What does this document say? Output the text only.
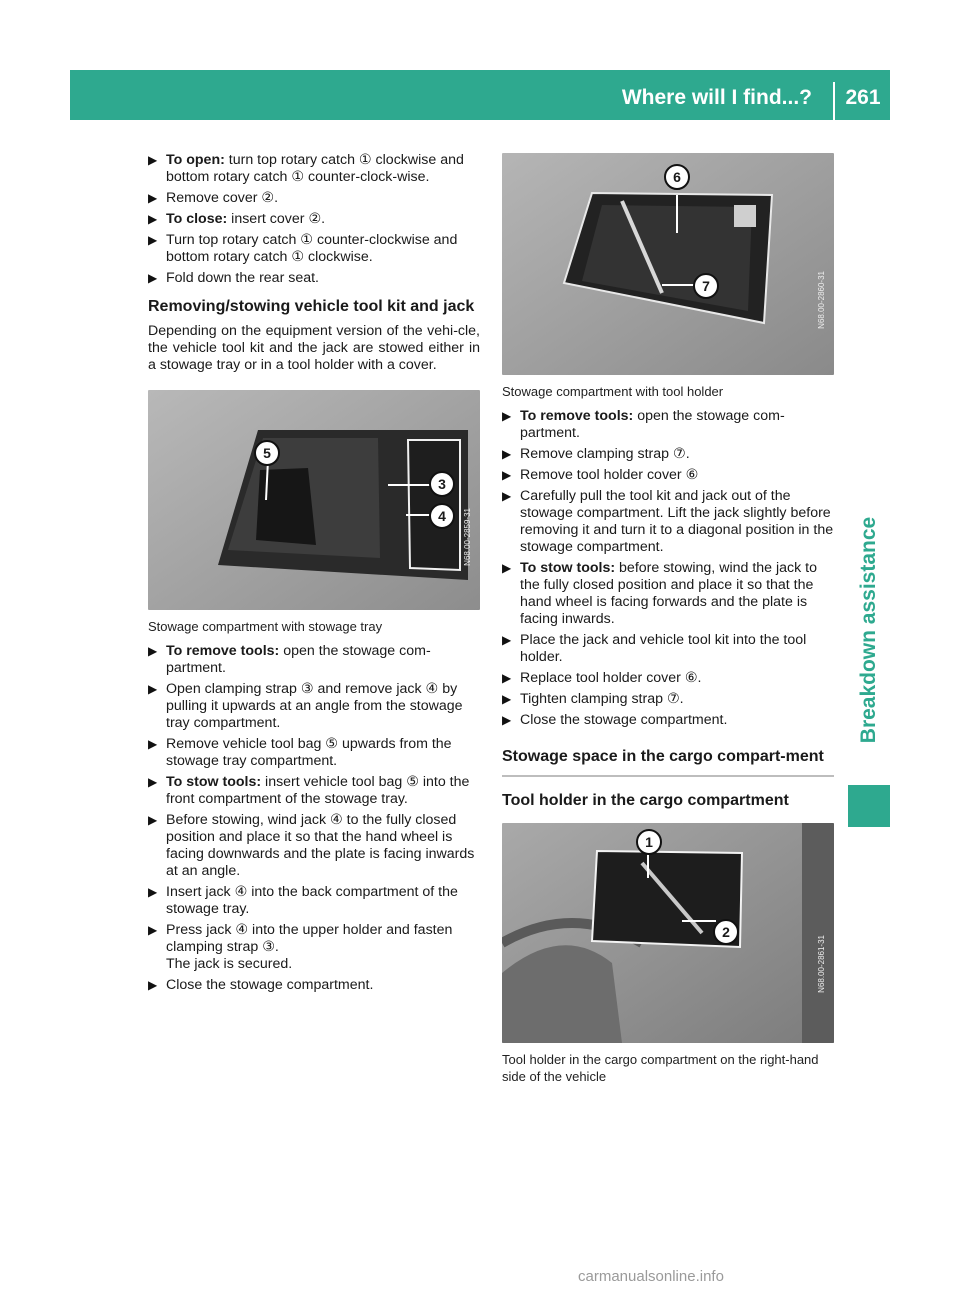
Where will I find...?	261
Breakdown assistance
▶ To open: turn top rotary catch ① clockwise and bottom rotary catch ① counter-clock-wise.
▶ Remove cover ②.
▶ To close: insert cover ②.
▶ Turn top rotary catch ① counter-clockwise and bottom rotary catch ① clockwise.
▶ Fold down the rear seat.
Removing/stowing vehicle tool kit and jack

Depending on the equipment version of the vehi-cle, the vehicle tool kit and the jack are stowed either in a stowage tray or in a tool holder with a cover.

5
3
4	N68.00-2859-31
Stowage compartment with stowage tray
▶ To remove tools: open the stowage com-partment.
▶ Open clamping strap ③ and remove jack ④ by pulling it upwards at an angle from the stowage tray compartment.
▶ Remove vehicle tool bag ⑤ upwards from the stowage tray compartment.
▶ To stow tools: insert vehicle tool bag ⑤ into the front compartment of the stowage tray.
▶ Before stowing, wind jack ④ to the fully closed position and place it so that the hand wheel is facing downwards and the plate is facing inwards at an angle.
▶ Insert jack ④ into the back compartment of the stowage tray.
▶ Press jack ④ into the upper holder and fasten clamping strap ③.
The jack is secured.
▶ Close the stowage compartment.
6
7	N68.00-2860-31
Stowage compartment with tool holder
▶ To remove tools: open the stowage com-partment.
▶ Remove clamping strap ⑦.
▶ Remove tool holder cover ⑥
▶ Carefully pull the tool kit and jack out of the stowage compartment. Lift the jack slightly before removing it and turn it to a diagonal position in the stowage compartment.
▶ To stow tools: before stowing, wind the jack to the fully closed position and place it so that the hand wheel is facing forwards and the plate is facing inwards.
▶ Place the jack and vehicle tool kit into the tool holder.
▶ Replace tool holder cover ⑥.
▶ Tighten clamping strap ⑦.
▶ Close the stowage compartment.
Stowage space in the cargo compart-ment
Tool holder in the cargo compartment
1
2
N68.00-2861-31
Tool holder in the cargo compartment on the right-hand side of the vehicle
carmanualsonline.info
